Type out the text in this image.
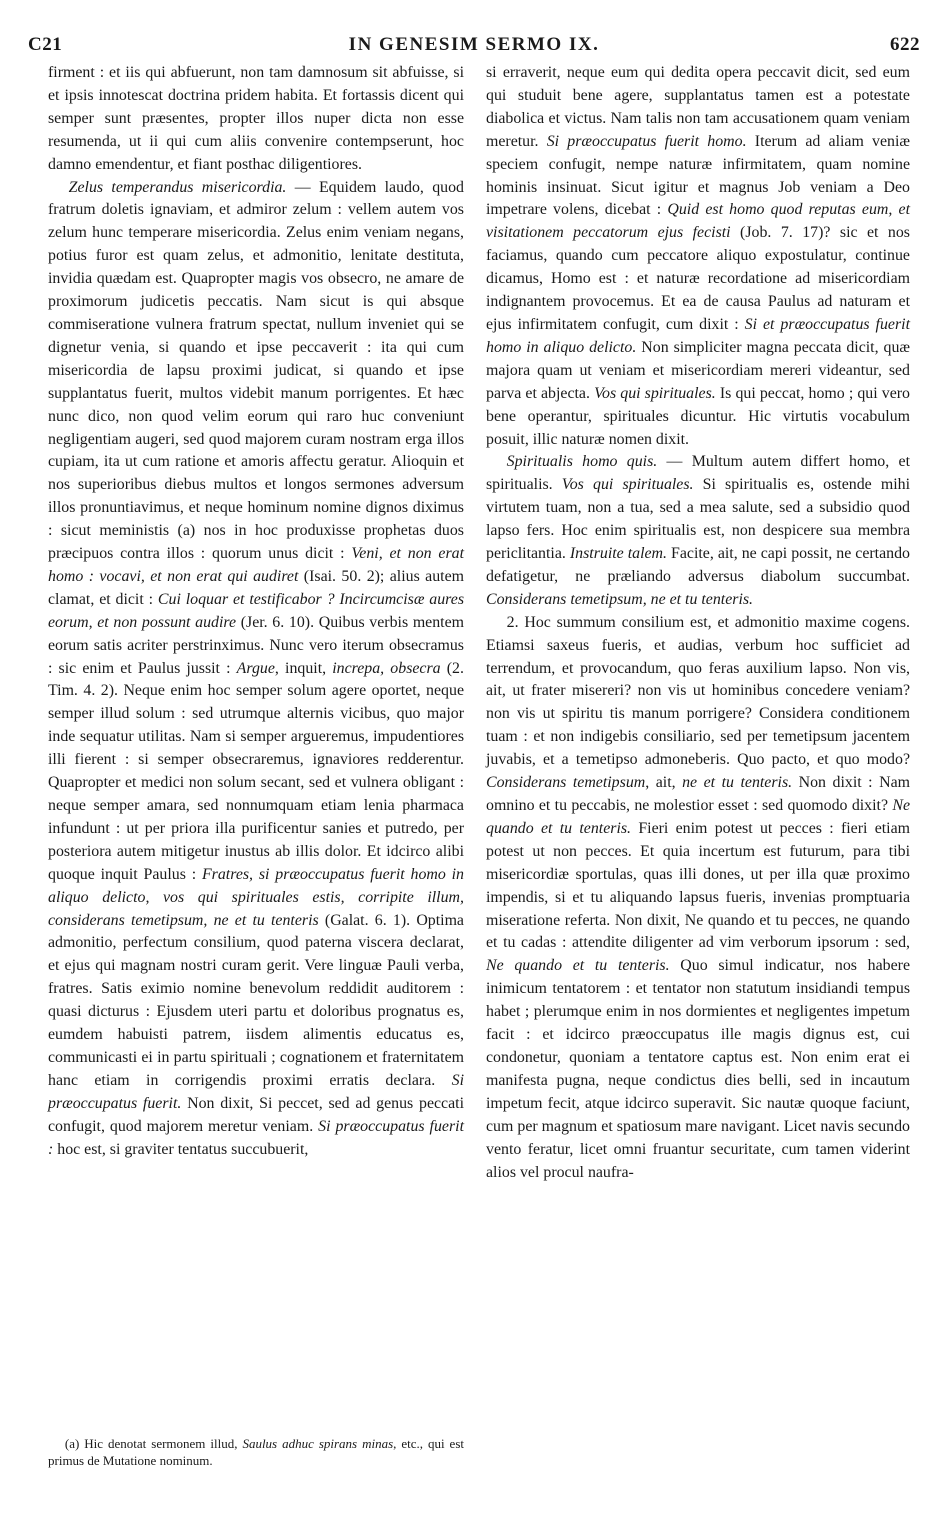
C21	IN GENESIM SERMO IX.	622

firment : et iis qui abfuerunt, non tam damnosum sit abfuisse, si et ipsis innotescat doctrina pridem habita. Et fortassis dicent qui semper sunt præsentes, propter illos nuper dicta non esse resumenda, ut ii qui cum aliis convenire contempserunt, hoc damno emendentur, et fiant posthac diligentiores.

Zelus temperandus misericordia. — Equidem laudo, quod fratrum doletis ignaviam, et admiror zelum : vellem autem vos zelum hunc temperare misericordia. Zelus enim veniam negans, potius furor est quam zelus, et admonitio, lenitate destituta, invidia quædam est. Quapropter magis vos obsecro, ne amare de proximorum judicetis peccatis. Nam sicut is qui absque commiseratione vulnera fratrum spectat, nullum inveniet qui se dignetur venia, si quando et ipse peccaverit : ita qui cum misericordia de lapsu proximi judicat, si quando et ipse supplantatus fuerit, multos videbit manum porrigentes. Et hæc nunc dico, non quod velim eorum qui raro huc conveniunt negligentiam augeri, sed quod majorem curam nostram erga illos cupiam, ita ut cum ratione et amoris affectu geratur. Alioquin et nos superioribus diebus multos et longos sermones adversum illos pronuntiavimus, et neque hominum nomine dignos diximus : sicut meministis (a) nos in hoc produxisse prophetas duos præcipuos contra illos : quorum unus dicit : Veni, et non erat homo : vocavi, et non erat qui audiret (Isai. 50. 2); alius autem clamat, et dicit : Cui loquar et testificabor ? Incircumcisæ aures eorum, et non possunt audire (Jer. 6. 10). Quibus verbis mentem eorum satis acriter perstrinximus. Nunc vero iterum obsecramus : sic enim et Paulus jussit : Argue, inquit, increpa, obsecra (2. Tim. 4. 2). Neque enim hoc semper solum agere oportet, neque semper illud solum : sed utrumque alternis vicibus, quo major inde sequatur utilitas. Nam si semper argueremus, impudentiores illi fierent : si semper obsecraremus, ignaviores redderentur. Quapropter et medici non solum secant, sed et vulnera obligant : neque semper amara, sed nonnumquam etiam lenia pharmaca infundunt : ut per priora illa purificentur sanies et putredo, per posteriora autem mitigetur inustus ab illis dolor. Et idcirco alibi quoque inquit Paulus : Fratres, si præoccupatus fuerit homo in aliquo delicto, vos qui spirituales estis, corripite illum, considerans temetipsum, ne et tu tenteris (Galat. 6. 1). Optima admonitio, perfectum consilium, quod paterna viscera declarat, et ejus qui magnam nostri curam gerit. Vere linguæ Pauli verba, fratres. Satis eximio nomine benevolum reddidit auditorem : quasi dicturus : Ejusdem uteri partu et doloribus prognatus es, eumdem habuisti patrem, iisdem alimentis educatus es, communicasti ei in partu spirituali ; cognationem et fraternitatem hanc etiam in corrigendis proximi erratis declara. Si præoccupatus fuerit. Non dixit, Si peccet, sed ad genus peccati confugit, quod majorem meretur veniam. Si præoccupatus fuerit : hoc est, si graviter tentatus succubuerit,

(a) Hic denotat sermonem illud, Saulus adhuc spirans minas, etc., qui est primus de Mutatione nominum.

si erraverit, neque eum qui dedita opera peccavit dicit, sed eum qui studuit bene agere, supplantatus tamen est a potestate diabolica et victus. Nam talis non tam accusationem quam veniam meretur. Si præoccupatus fuerit homo. Iterum ad aliam veniæ speciem confugit, nempe naturæ infirmitatem, quam nomine hominis insinuat. Sicut igitur et magnus Job veniam a Deo impetrare volens, dicebat : Quid est homo quod reputas eum, et visitationem peccatorum ejus fecisti (Job. 7. 17)? sic et nos faciamus, quando cum peccatore aliquo expostulatur, continue dicamus, Homo est : et naturæ recordatione ad misericordiam indignantem provocemus. Et ea de causa Paulus ad naturam et ejus infirmitatem confugit, cum dixit : Si et præoccupatus fuerit homo in aliquo delicto. Non simpliciter magna peccata dicit, quæ majora quam ut veniam et misericordiam mereri videantur, sed parva et abjecta. Vos qui spirituales. Is qui peccat, homo ; qui vero bene operantur, spirituales dicuntur. Hic virtutis vocabulum posuit, illic naturæ nomen dixit.

Spiritualis homo quis. — Multum autem differt homo, et spiritualis. Vos qui spirituales. Si spiritualis es, ostende mihi virtutem tuam, non a tua, sed a mea salute, sed a subsidio quod lapso fers. Hoc enim spiritualis est, non despicere sua membra periclitantia. Instruite talem. Facite, ait, ne capi possit, ne certando defatigetur, ne præliando adversus diabolum succumbat. Considerans temetipsum, ne et tu tenteris.

2. Hoc summum consilium est, et admonitio maxime cogens. Etiamsi saxeus fueris, et audias, verbum hoc sufficiet ad terrendum, et provocandum, quo feras auxilium lapso. Non vis, ait, ut frater misereri? non vis ut hominibus concedere veniam? non vis ut spiritu tis manum porrigere? Considera conditionem tuam : et non indigebis consiliario, sed per temetipsum jacentem juvabis, et a temetipso admoneberis. Quo pacto, et quo modo? Considerans temetipsum, ait, ne et tu tenteris. Non dixit : Nam omnino et tu peccabis, ne molestior esset : sed quomodo dixit? Ne quando et tu tenteris. Fieri enim potest ut pecces : fieri etiam potest ut non pecces. Et quia incertum est futurum, para tibi misericordiæ sportulas, quas illi dones, ut per illa quæ proximo impendis, si et tu aliquando lapsus fueris, invenias promptuaria miseratione referta. Non dixit, Ne quando et tu pecces, ne quando et tu cadas : attendite diligenter ad vim verborum ipsorum : sed, Ne quando et tu tenteris. Quo simul indicatur, nos habere inimicum tentatorem : et tentator non statutum insidiandi tempus habet ; plerumque enim in nos dormientes et negligentes impetum facit : et idcirco præoccupatus ille magis dignus est, cui condonetur, quoniam a tentatore captus est. Non enim erat ei manifesta pugna, neque condictus dies belli, sed in incautum impetum fecit, atque idcirco superavit. Sic nautæ quoque faciunt, cum per magnum et spatiosum mare navigant. Licet navis secundo vento feratur, licet omni fruantur securitate, cum tamen viderint alios vel procul naufra-
